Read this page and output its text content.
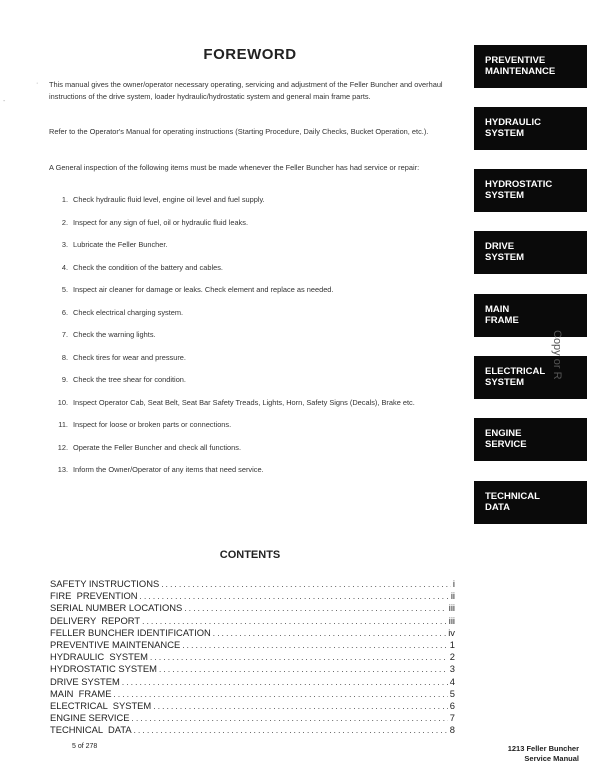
-
FOREWORD
· This manual gives the owner/operator necessary operating, servicing and adjustment of the Feller Buncher and overhaul instructions of the drive system, loader hydraulic/hydrostatic system and general main frame parts.
Refer to the Operator's Manual for operating instructions (Starting Procedure, Daily Checks, Bucket Operation, etc.).
A General inspection of the following items must be made whenever the Feller Buncher has had service or repair:
1. Check hydraulic fluid level, engine oil level and fuel supply.
2. Inspect for any sign of fuel, oil or hydraulic fluid leaks.
3. Lubricate the Feller Buncher.
4. Check the condition of the battery and cables.
5. Inspect air cleaner for damage or leaks. Check element and replace as needed.
6. Check electrical charging system.
7. Check the warning lights.
8. Check tires for wear and pressure.
9. Check the tree shear for condition.
10. Inspect Operator Cab, Seat Belt, Seat Bar Safety Treads, Lights, Horn, Safety Signs (Decals), Brake etc.
11. Inspect for loose or broken parts or connections.
12. Operate the Feller Buncher and check all functions.
13. Inform the Owner/Operator of any items that need service.
CONTENTS
SAFETY INSTRUCTIONS . . .	i
FIRE  PREVENTION . . .	ii
SERIAL NUMBER LOCATIONS . . .	iii
DELIVERY  REPORT . . .	iii
FELLER BUNCHER IDENTIFICATION . . .	iv
PREVENTIVE MAINTENANCE . . .	1
HYDRAULIC  SYSTEM . . .	2
HYDROSTATIC SYSTEM . . .	3
DRIVE SYSTEM . . .	4
MAIN  FRAME . . .	5
ELECTRICAL  SYSTEM . . .	6
ENGINE SERVICE . . .	7
TECHNICAL  DATA . . .	8
PREVENTIVE
MAINTENANCE
HYDRAULIC
SYSTEM
HYDROSTATIC
SYSTEM
DRIVE
SYSTEM
MAIN
FRAME
ELECTRICAL
SYSTEM
ENGINE
SERVICE
TECHNICAL
DATA
Copy or R
5 of 278	1213 Feller Buncher
Service Manual
